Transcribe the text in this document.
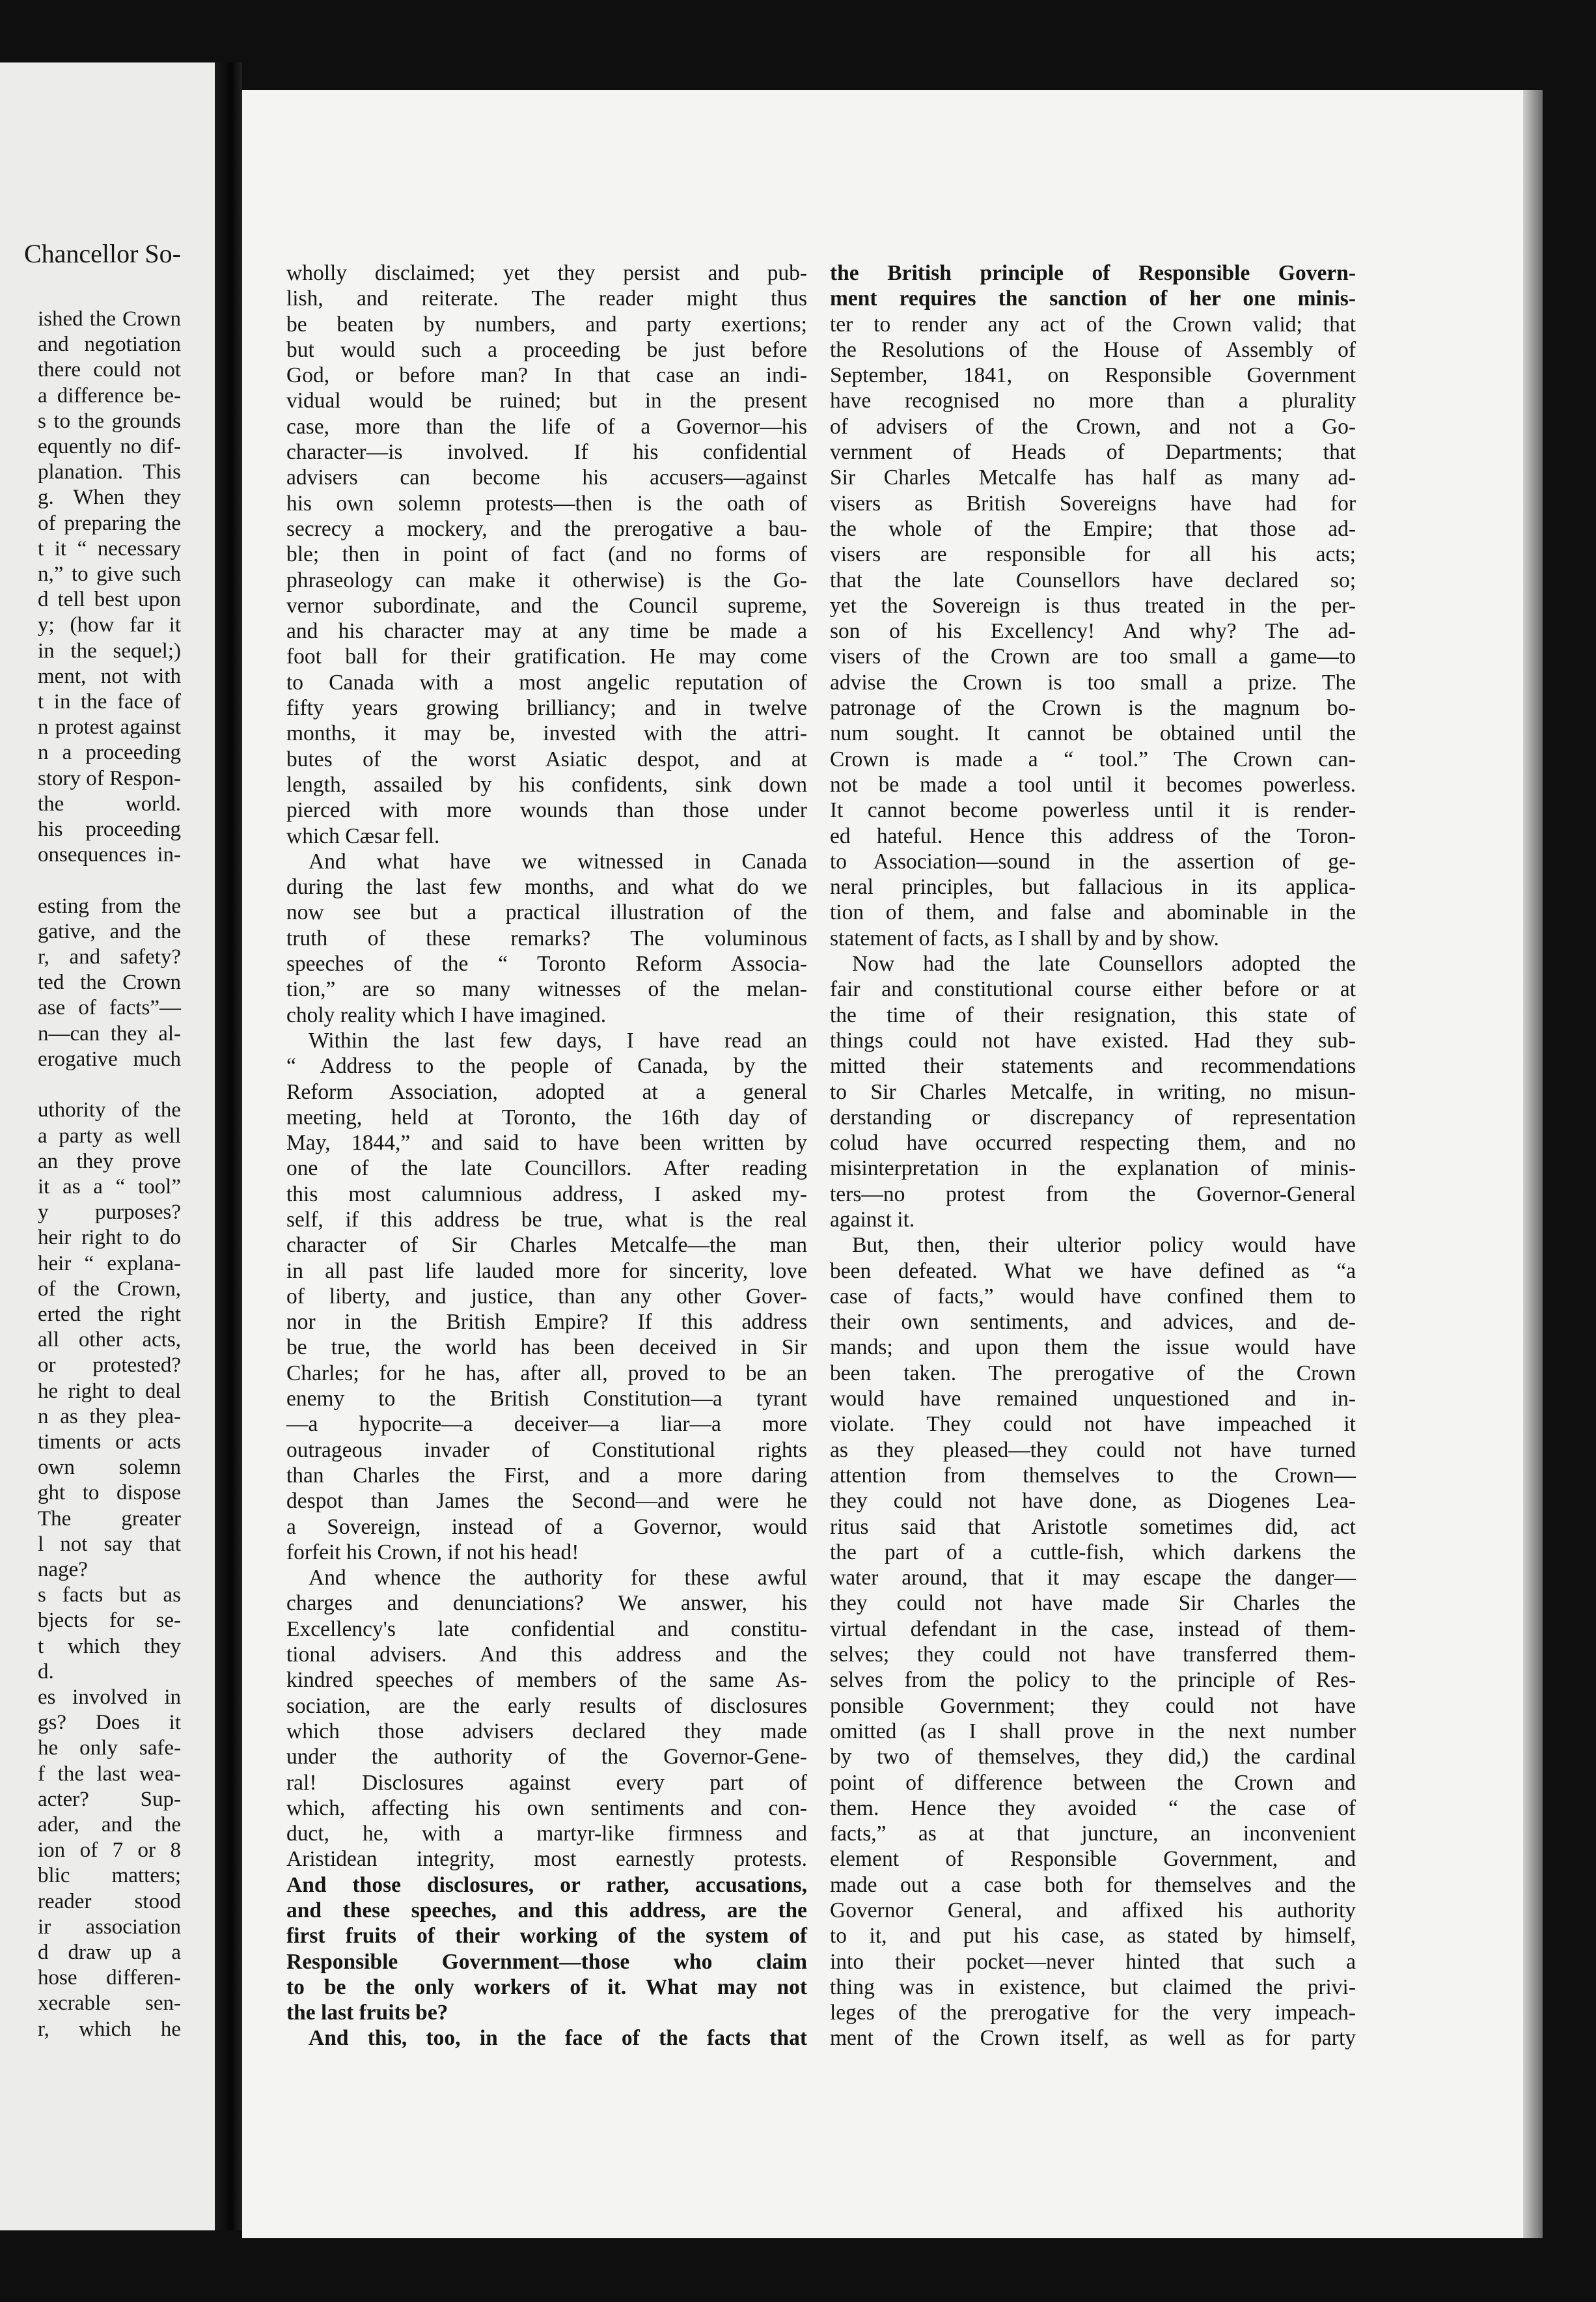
Chancellor So-
ished the Crown
and negotiation
there could not
a difference be-
s to the grounds
equently no dif-
planation. This
g. When they
of preparing the
t it “ necessary
n,” to give such
d tell best upon
y; (how far it
in the sequel;)
ment, not with
t in the face of
n protest against
n a proceeding
story of Respon-
the world.
his proceeding
onsequences in-

esting from the
gative, and the
r, and safety?
ted the Crown
ase of facts”—
n—can they al-
erogative much

uthority of the
a party as well
an they prove
it as a “ tool”
y purposes?
heir right to do
heir “ explana-
of the Crown,
erted the right
all other acts,
or protested?
he right to deal
n as they plea-
timents or acts
own solemn
ght to dispose
The greater
l not say that
nage?
s facts but as
bjects for se-
t which they
d.
es involved in
gs? Does it
he only safe-
f the last wea-
acter? Sup-
ader, and the
ion of 7 or 8
blic matters;
reader stood
ir association
d draw up a
hose differen-
xecrable sen-
r, which he
wholly disclaimed; yet they persist and pub-
lish, and reiterate. The reader might thus
be beaten by numbers, and party exertions;
but would such a proceeding be just before
God, or before man? In that case an indi-
vidual would be ruined; but in the present
case, more than the life of a Governor—his
character—is involved. If his confidential
advisers can become his accusers—against
his own solemn protests—then is the oath of
secrecy a mockery, and the prerogative a bau-
ble; then in point of fact (and no forms of
phraseology can make it otherwise) is the Go-
vernor subordinate, and the Council supreme,
and his character may at any time be made a
foot ball for their gratification. He may come
to Canada with a most angelic reputation of
fifty years growing brilliancy; and in twelve
months, it may be, invested with the attri-
butes of the worst Asiatic despot, and at
length, assailed by his confidents, sink down
pierced with more wounds than those under
which Cæsar fell.
And what have we witnessed in Canada
during the last few months, and what do we
now see but a practical illustration of the
truth of these remarks? The voluminous
speeches of the “ Toronto Reform Associa-
tion,” are so many witnesses of the melan-
choly reality which I have imagined.
Within the last few days, I have read an
“ Address to the people of Canada, by the
Reform Association, adopted at a general
meeting, held at Toronto, the 16th day of
May, 1844,” and said to have been written by
one of the late Councillors. After reading
this most calumnious address, I asked my-
self, if this address be true, what is the real
character of Sir Charles Metcalfe—the man
in all past life lauded more for sincerity, love
of liberty, and justice, than any other Gover-
nor in the British Empire? If this address
be true, the world has been deceived in Sir
Charles; for he has, after all, proved to be an
enemy to the British Constitution—a tyrant
—a hypocrite—a deceiver—a liar—a more
outrageous invader of Constitutional rights
than Charles the First, and a more daring
despot than James the Second—and were he
a Sovereign, instead of a Governor, would
forfeit his Crown, if not his head!
And whence the authority for these awful
charges and denunciations? We answer, his
Excellency's late confidential and constitu-
tional advisers. And this address and the
kindred speeches of members of the same As-
sociation, are the early results of disclosures
which those advisers declared they made
under the authority of the Governor-Gene-
ral! Disclosures against every part of
which, affecting his own sentiments and con-
duct, he, with a martyr-like firmness and
Aristidean integrity, most earnestly protests.
And those disclosures, or rather, accusations,
and these speeches, and this address, are the
first fruits of their working of the system of
Responsible Government—those who claim
to be the only workers of it. What may not
the last fruits be?
And this, too, in the face of the facts that
the British principle of Responsible Govern-
ment requires the sanction of her one minis-
ter to render any act of the Crown valid; that
the Resolutions of the House of Assembly of
September, 1841, on Responsible Government
have recognised no more than a plurality
of advisers of the Crown, and not a Go-
vernment of Heads of Departments; that
Sir Charles Metcalfe has half as many ad-
visers as British Sovereigns have had for
the whole of the Empire; that those ad-
visers are responsible for all his acts;
that the late Counsellors have declared so;
yet the Sovereign is thus treated in the per-
son of his Excellency! And why? The ad-
visers of the Crown are too small a game—to
advise the Crown is too small a prize. The
patronage of the Crown is the magnum bo-
num sought. It cannot be obtained until the
Crown is made a “ tool.” The Crown can-
not be made a tool until it becomes powerless.
It cannot become powerless until it is render-
ed hateful. Hence this address of the Toron-
to Association—sound in the assertion of ge-
neral principles, but fallacious in its applica-
tion of them, and false and abominable in the
statement of facts, as I shall by and by show.
Now had the late Counsellors adopted the
fair and constitutional course either before or at
the time of their resignation, this state of
things could not have existed. Had they sub-
mitted their statements and recommendations
to Sir Charles Metcalfe, in writing, no misun-
derstanding or discrepancy of representation
colud have occurred respecting them, and no
misinterpretation in the explanation of minis-
ters—no protest from the Governor-General
against it.
But, then, their ulterior policy would have
been defeated. What we have defined as “a
case of facts,” would have confined them to
their own sentiments, and advices, and de-
mands; and upon them the issue would have
been taken. The prerogative of the Crown
would have remained unquestioned and in-
violate. They could not have impeached it
as they pleased—they could not have turned
attention from themselves to the Crown—
they could not have done, as Diogenes Lea-
ritus said that Aristotle sometimes did, act
the part of a cuttle-fish, which darkens the
water around, that it may escape the danger—
they could not have made Sir Charles the
virtual defendant in the case, instead of them-
selves; they could not have transferred them-
selves from the policy to the principle of Res-
ponsible Government; they could not have
omitted (as I shall prove in the next number
by two of themselves, they did,) the cardinal
point of difference between the Crown and
them. Hence they avoided “ the case of
facts,” as at that juncture, an inconvenient
element of Responsible Government, and
made out a case both for themselves and the
Governor General, and affixed his authority
to it, and put his case, as stated by himself,
into their pocket—never hinted that such a
thing was in existence, but claimed the privi-
leges of the prerogative for the very impeach-
ment of the Crown itself, as well as for party
